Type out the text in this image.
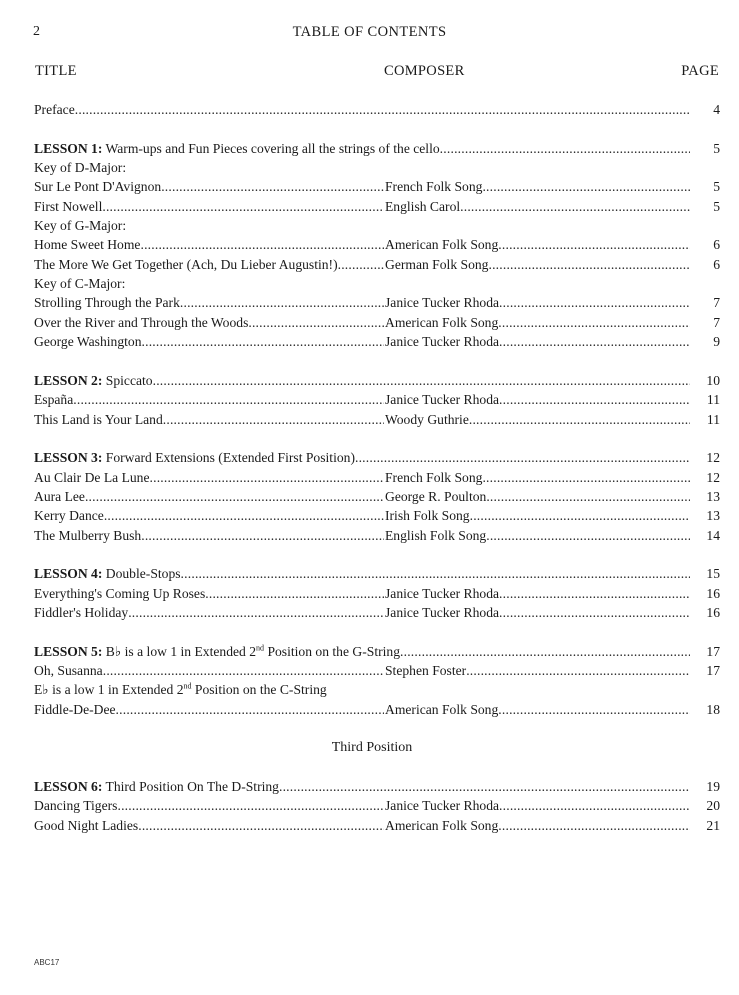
2	TABLE OF CONTENTS
TITLE	COMPOSER	PAGE
Preface .....	4
LESSON 1: Warm-ups and Fun Pieces covering all the strings of the cello .....	5
Key of D-Major:
Sur Le Pont D'Avignon .....	French Folk Song .....	5
First Nowell .....	English Carol .....	5
Key of G-Major:
Home Sweet Home .....	American Folk Song .....	6
The More We Get Together (Ach, Du Lieber Augustin!) .....	German Folk Song .....	6
Key of C-Major:
Strolling Through the Park .....	Janice Tucker Rhoda .....	7
Over the River and Through the Woods .....	American Folk Song .....	7
George Washington .....	Janice Tucker Rhoda .....	9
LESSON 2: Spiccato .....	10
España .....	Janice Tucker Rhoda .....	11
This Land is Your Land .....	Woody Guthrie .....	11
LESSON 3: Forward Extensions (Extended First Position) .....	12
Au Clair De La Lune .....	French Folk Song .....	12
Aura Lee .....	George R. Poulton .....	13
Kerry Dance .....	Irish Folk Song .....	13
The Mulberry Bush .....	English Folk Song .....	14
LESSON 4: Double-Stops .....	15
Everything's Coming Up Roses .....	Janice Tucker Rhoda .....	16
Fiddler's Holiday .....	Janice Tucker Rhoda .....	16
LESSON 5: B♭ is a low 1 in Extended 2nd Position on the G-String .....	17
Oh, Susanna .....	Stephen Foster .....	17
E♭ is a low 1 in Extended 2nd Position on the C-String
Fiddle-De-Dee .....	American Folk Song .....	18
Third Position
LESSON 6: Third Position On The D-String .....	19
Dancing Tigers .....	Janice Tucker Rhoda .....	20
Good Night Ladies .....	American Folk Song .....	21
ABC17
